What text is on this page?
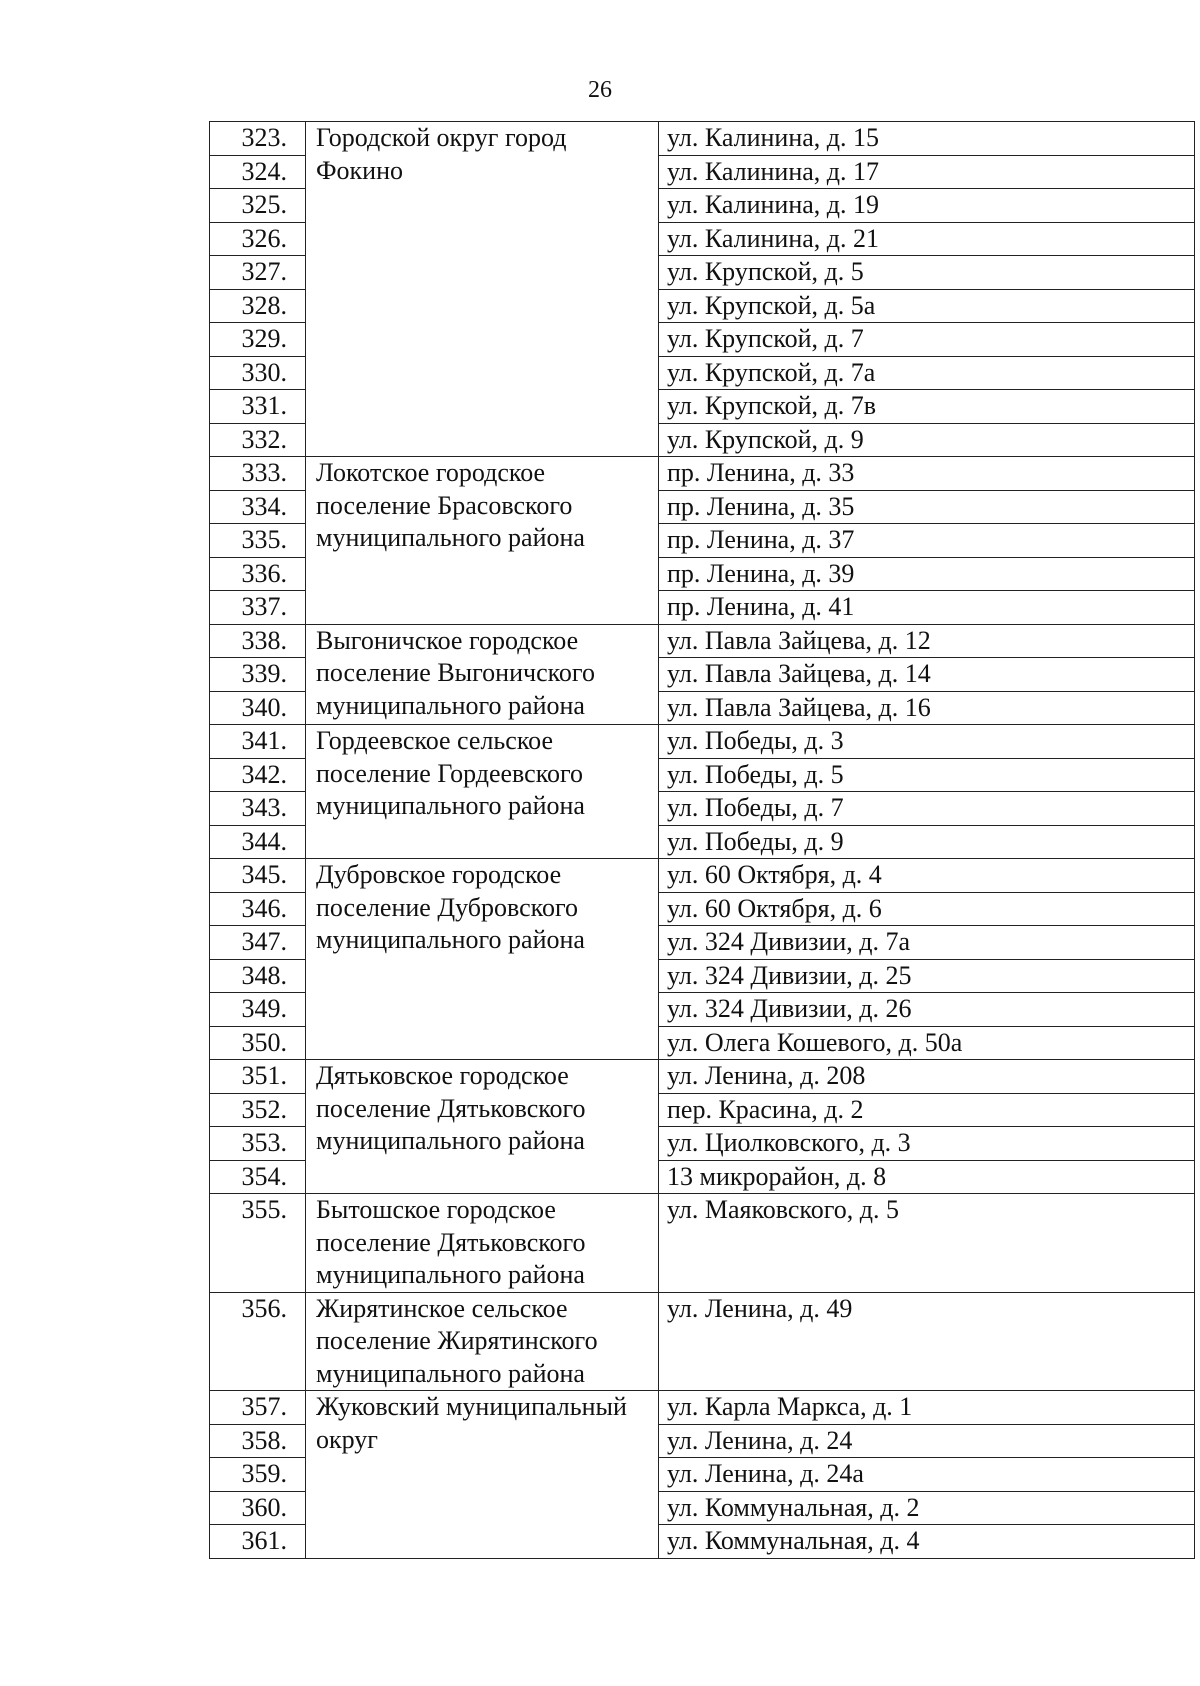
26
323.	Городской округ город Фокино	ул. Калинина, д. 15
324.		ул. Калинина, д. 17
325.		ул. Калинина, д. 19
326.		ул. Калинина, д. 21
327.		ул. Крупской, д. 5
328.		ул. Крупской, д. 5а
329.		ул. Крупской, д. 7
330.		ул. Крупской, д. 7а
331.		ул. Крупской, д. 7в
332.		ул. Крупской, д. 9
333.	Локотское городское поселение Брасовского муниципального района	пр. Ленина, д. 33
334.		пр. Ленина, д. 35
335.		пр. Ленина, д. 37
336.		пр. Ленина, д. 39
337.		пр. Ленина, д. 41
338.	Выгоничское городское поселение Выгоничского муниципального района	ул. Павла Зайцева, д. 12
339.		ул. Павла Зайцева, д. 14
340.		ул. Павла Зайцева, д. 16
341.	Гордеевское сельское поселение Гордеевского муниципального района	ул. Победы, д. 3
342.		ул. Победы, д. 5
343.		ул. Победы, д. 7
344.		ул. Победы, д. 9
345.	Дубровское городское поселение Дубровского муниципального района	ул. 60 Октября, д. 4
346.		ул. 60 Октября, д. 6
347.		ул. 324 Дивизии, д. 7а
348.		ул. 324 Дивизии, д. 25
349.		ул. 324 Дивизии, д. 26
350.		ул. Олега Кошевого, д. 50а
351.	Дятьковское городское поселение Дятьковского муниципального района	ул. Ленина, д. 208
352.		пер. Красина, д. 2
353.		ул. Циолковского, д. 3
354.		13 микрорайон, д. 8
355.	Бытошское городское поселение Дятьковского муниципального района	ул. Маяковского, д. 5
356.	Жирятинское сельское поселение Жирятинского муниципального района	ул. Ленина, д. 49
357.	Жуковский муниципальный округ	ул. Карла Маркса, д. 1
358.		ул. Ленина, д. 24
359.		ул. Ленина, д. 24а
360.		ул. Коммунальная, д. 2
361.		ул. Коммунальная, д. 4
